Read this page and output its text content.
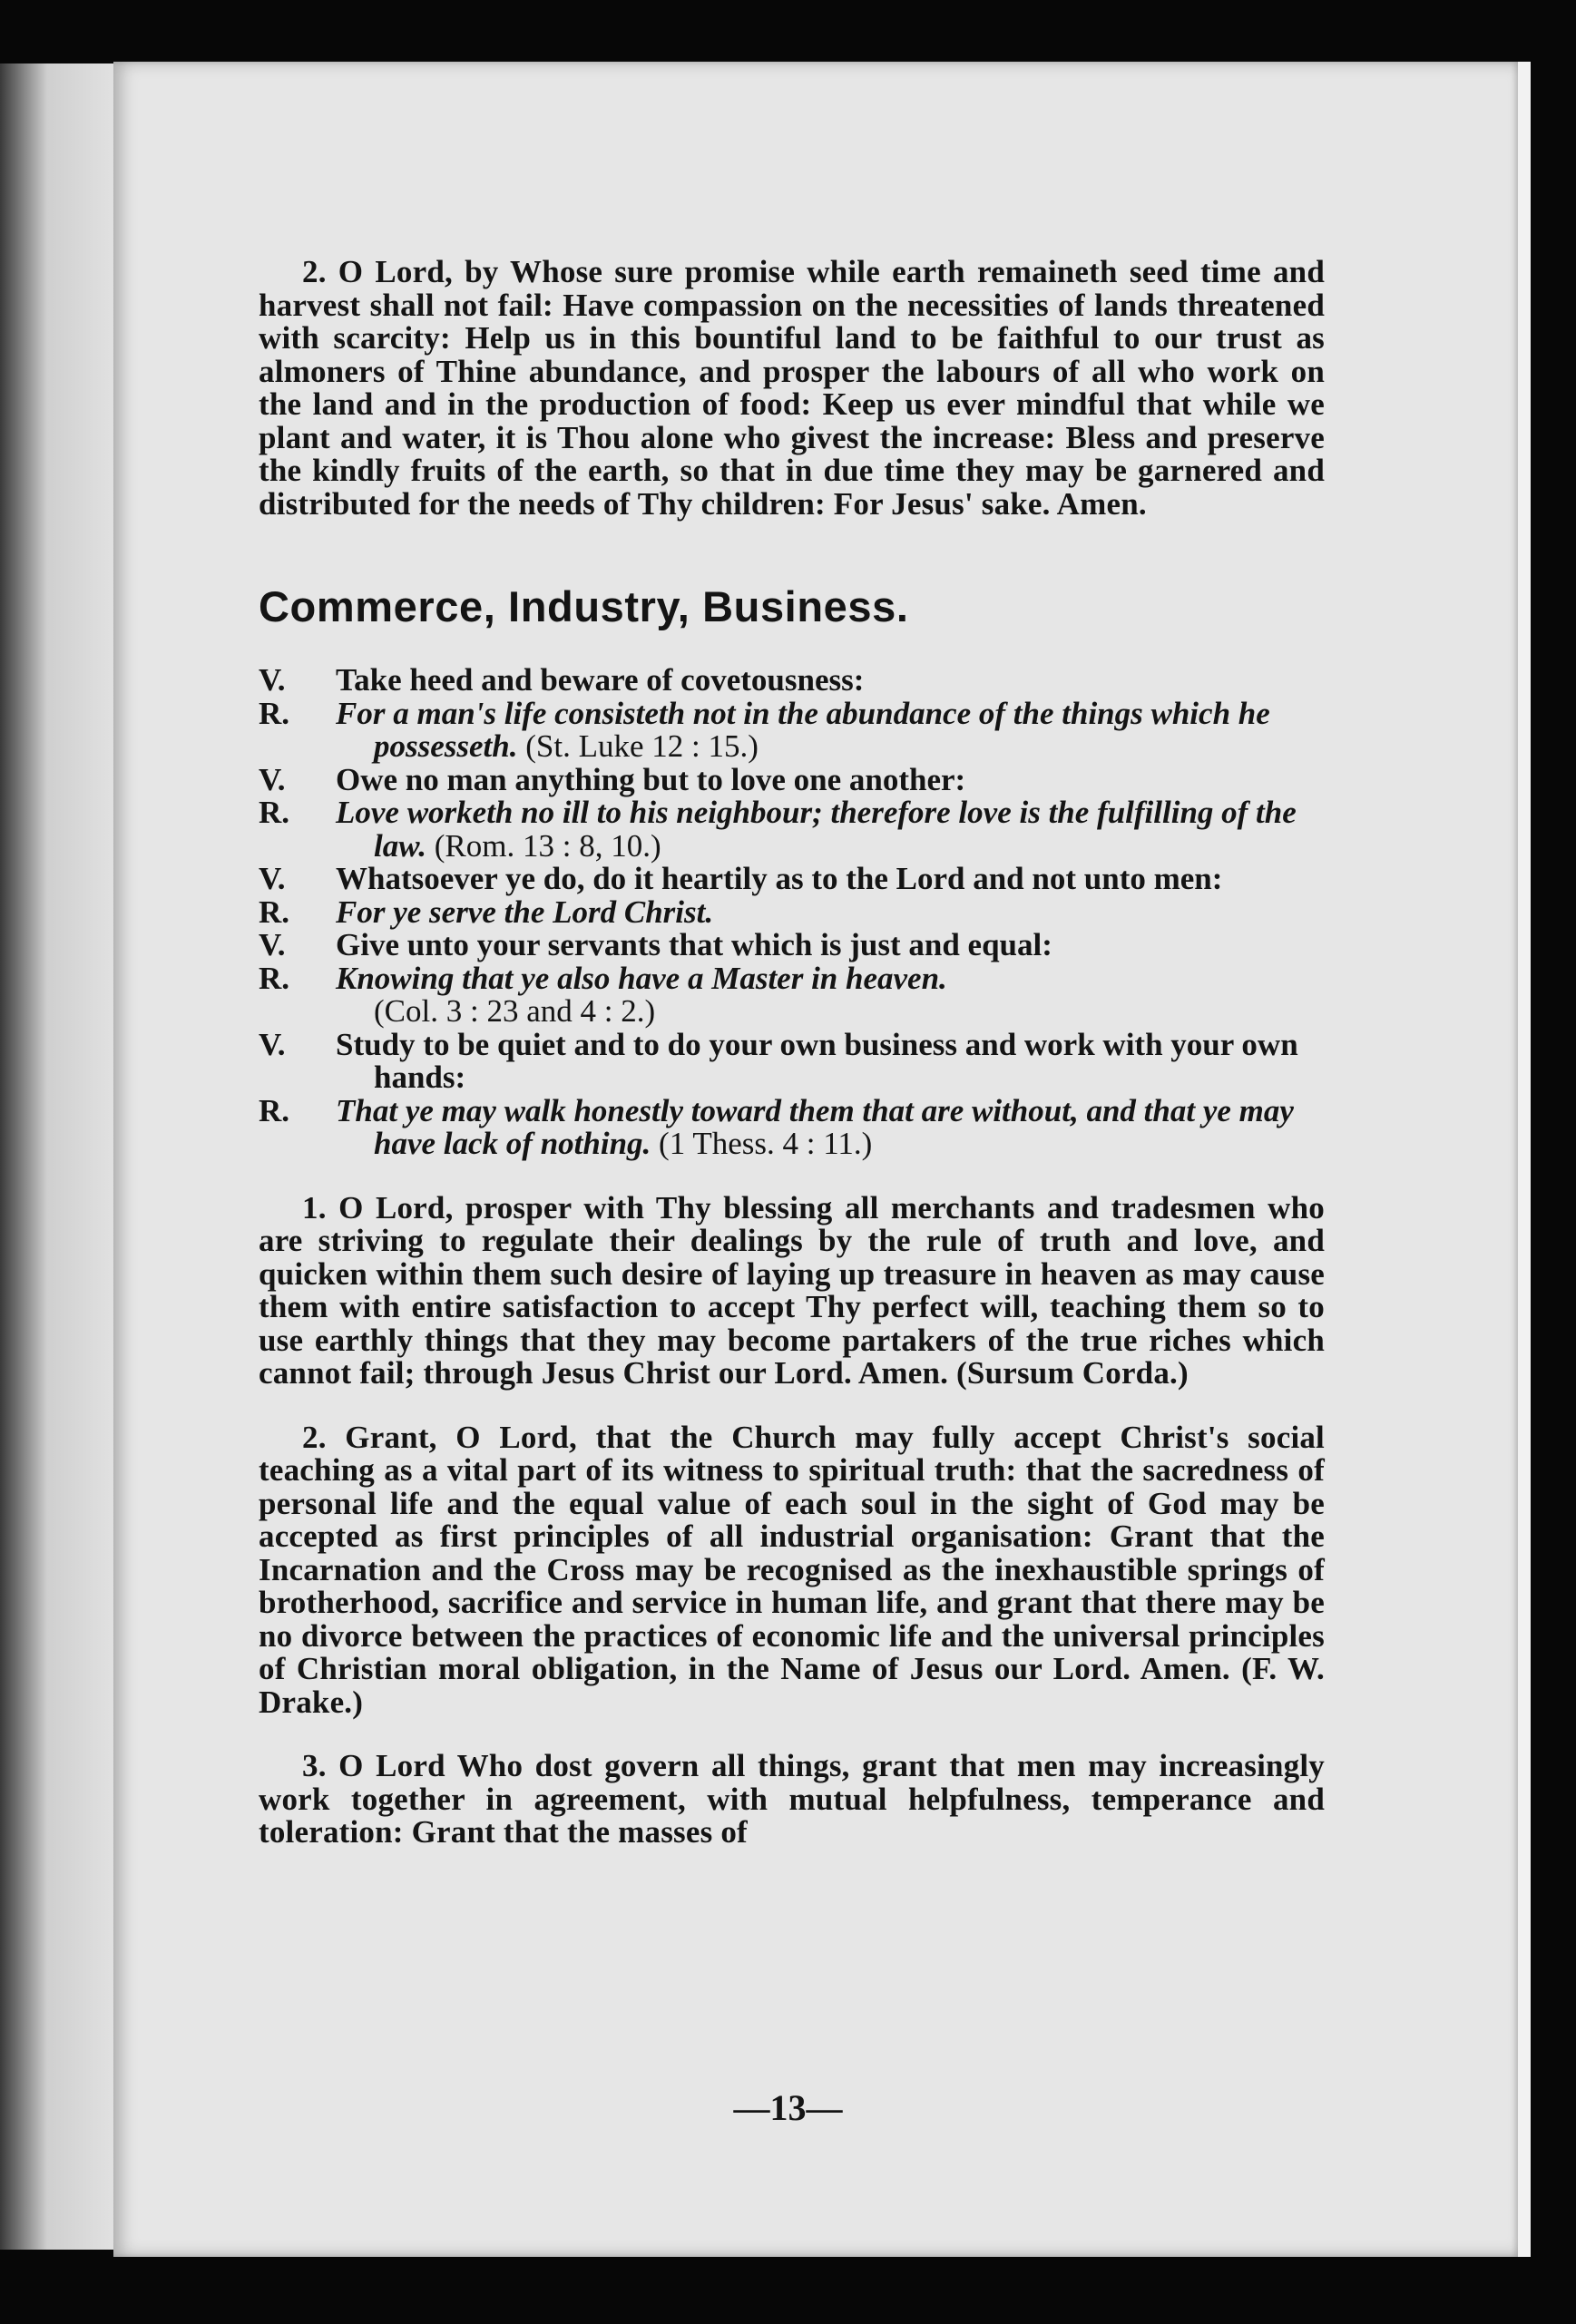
2. O Lord, by Whose sure promise while earth remaineth seed time and harvest shall not fail: Have compassion on the necessities of lands threatened with scarcity: Help us in this bountiful land to be faithful to our trust as almoners of Thine abundance, and prosper the labours of all who work on the land and in the production of food: Keep us ever mindful that while we plant and water, it is Thou alone who givest the increase: Bless and preserve the kindly fruits of the earth, so that in due time they may be garnered and distributed for the needs of Thy children: For Jesus' sake. Amen.

Commerce, Industry, Business.
V.	Take heed and beware of covetousness:
R.	For a man's life consisteth not in the abundance of the things which he possesseth. (St. Luke 12 : 15.)
V.	Owe no man anything but to love one another:
R.	Love worketh no ill to his neighbour; therefore love is the fulfilling of the law. (Rom. 13 : 8, 10.)
V.	Whatsoever ye do, do it heartily as to the Lord and not unto men:
R.	For ye serve the Lord Christ.
V.	Give unto your servants that which is just and equal:
R.	Knowing that ye also have a Master in heaven.

(Col. 3 : 23 and 4 : 2.)

V.	Study to be quiet and to do your own business and work with your own hands:
R.	That ye may walk honestly toward them that are without, and that ye may have lack of nothing. (1 Thess. 4 : 11.)

1. O Lord, prosper with Thy blessing all merchants and tradesmen who are striving to regulate their dealings by the rule of truth and love, and quicken within them such desire of laying up treasure in heaven as may cause them with entire satisfaction to accept Thy perfect will, teaching them so to use earthly things that they may become partakers of the true riches which cannot fail; through Jesus Christ our Lord. Amen. (Sursum Corda.)

2. Grant, O Lord, that the Church may fully accept Christ's social teaching as a vital part of its witness to spiritual truth: that the sacredness of personal life and the equal value of each soul in the sight of God may be accepted as first principles of all industrial organisation: Grant that the Incarnation and the Cross may be recognised as the inexhaustible springs of brotherhood, sacrifice and service in human life, and grant that there may be no divorce between the practices of economic life and the universal principles of Christian moral obligation, in the Name of Jesus our Lord. Amen. (F. W. Drake.)

3. O Lord Who dost govern all things, grant that men may increasingly work together in agreement, with mutual helpfulness, temperance and toleration: Grant that the masses of

—13—
